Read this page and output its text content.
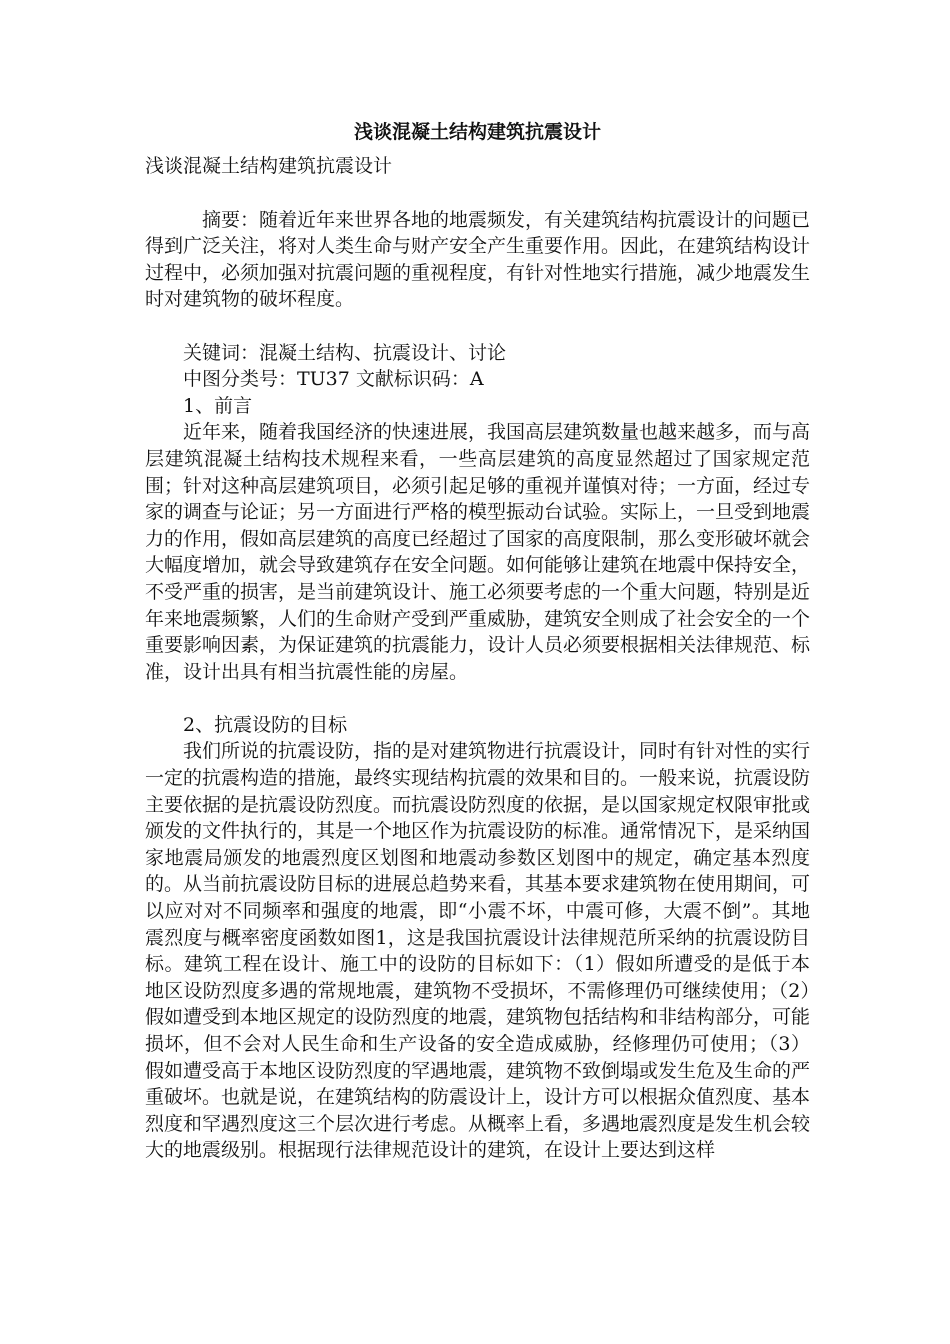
浅谈混凝土结构建筑抗震设计

浅谈混凝土结构建筑抗震设计

摘要：随着近年来世界各地的地震频发，有关建筑结构抗震设计的问题已得到广泛关注，将对人类生命与财产安全产生重要作用。因此，在建筑结构设计过程中，必须加强对抗震问题的重视程度，有针对性地实行措施，减少地震发生时对建筑物的破坏程度。

关键词：混凝土结构、抗震设计、讨论

中图分类号：TU37 文献标识码：A

1、前言

近年来，随着我国经济的快速进展，我国高层建筑数量也越来越多，而与高层建筑混凝土结构技术规程来看，一些高层建筑的高度显然超过了国家规定范围；针对这种高层建筑项目，必须引起足够的重视并谨慎对待；一方面，经过专家的调查与论证；另一方面进行严格的模型振动台试验。实际上，一旦受到地震力的作用，假如高层建筑的高度已经超过了国家的高度限制，那么变形破坏就会大幅度增加，就会导致建筑存在安全问题。如何能够让建筑在地震中保持安全，不受严重的损害，是当前建筑设计、施工必须要考虑的一个重大问题，特别是近年来地震频繁，人们的生命财产受到严重威胁，建筑安全则成了社会安全的一个重要影响因素，为保证建筑的抗震能力，设计人员必须要根据相关法律规范、标准，设计出具有相当抗震性能的房屋。

2、抗震设防的目标

我们所说的抗震设防，指的是对建筑物进行抗震设计，同时有针对性的实行一定的抗震构造的措施，最终实现结构抗震的效果和目的。一般来说，抗震设防主要依据的是抗震设防烈度。而抗震设防烈度的依据，是以国家规定权限审批或颁发的文件执行的，其是一个地区作为抗震设防的标准。通常情况下，是采纳国家地震局颁发的地震烈度区划图和地震动参数区划图中的规定，确定基本烈度的。从当前抗震设防目标的进展总趋势来看，其基本要求建筑物在使用期间，可以应对对不同频率和强度的地震，即“小震不坏，中震可修，大震不倒”。其地震烈度与概率密度函数如图1，这是我国抗震设计法律规范所采纳的抗震设防目标。建筑工程在设计、施工中的设防的目标如下：（1）假如所遭受的是低于本地区设防烈度多遇的常规地震，建筑物不受损坏，不需修理仍可继续使用；（2）假如遭受到本地区规定的设防烈度的地震，建筑物包括结构和非结构部分，可能损坏，但不会对人民生命和生产设备的安全造成威胁，经修理仍可使用；（3）假如遭受高于本地区设防烈度的罕遇地震，建筑物不致倒塌或发生危及生命的严重破坏。也就是说，在建筑结构的防震设计上，设计方可以根据众值烈度、基本烈度和罕遇烈度这三个层次进行考虑。从概率上看，多遇地震烈度是发生机会较大的地震级别。根据现行法律规范设计的建筑，在设计上要达到这样
